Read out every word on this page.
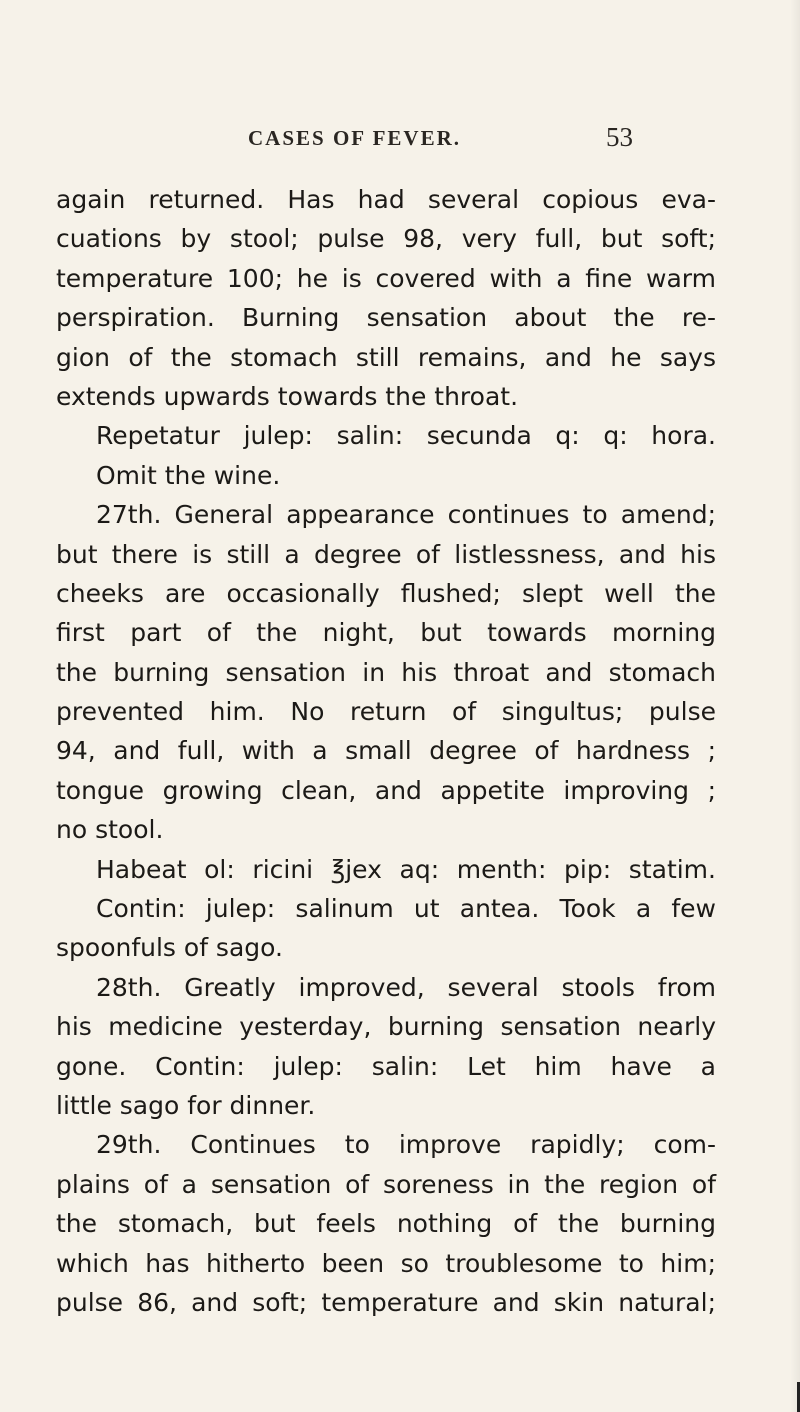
CASES OF FEVER.	53
again returned. Has had several copious eva-
cuations by stool; pulse 98, very full, but soft;
temperature 100; he is covered with a fine warm
perspiration. Burning sensation about the re-
gion of the stomach still remains, and he says
extends upwards towards the throat.
Repetatur julep: salin: secunda q: q: hora.
Omit the wine.
27th. General appearance continues to amend;
but there is still a degree of listlessness, and his
cheeks are occasionally flushed; slept well the
first part of the night, but towards morning
the burning sensation in his throat and stomach
prevented him. No return of singultus; pulse
94, and full, with a small degree of hardness ;
tongue growing clean, and appetite improving ;
no stool.
Habeat ol: ricini ℥jex aq: menth: pip: statim.
Contin: julep: salinum ut antea. Took a few
spoonfuls of sago.
28th. Greatly improved, several stools from
his medicine yesterday, burning sensation nearly
gone. Contin: julep: salin: Let him have a
little sago for dinner.
29th. Continues to improve rapidly; com-
plains of a sensation of soreness in the region of
the stomach, but feels nothing of the burning
which has hitherto been so troublesome to him;
pulse 86, and soft; temperature and skin natural;
